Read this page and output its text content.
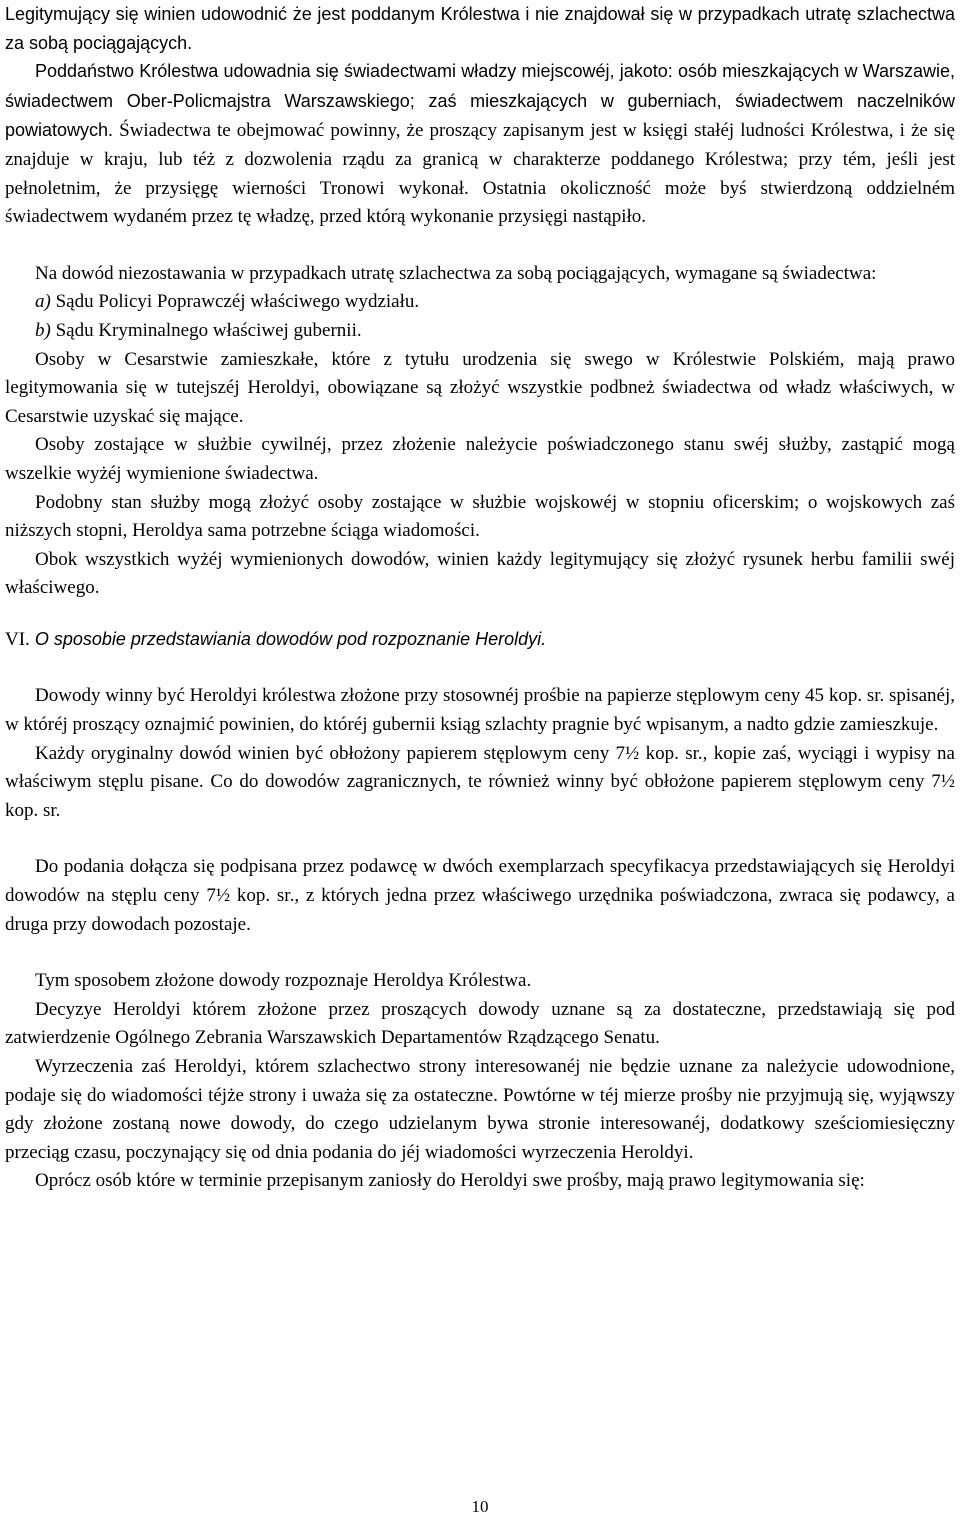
Legitymujący się winien udowodnić że jest poddanym Królestwa i nie znajdował się w przypadkach utratę szlachectwa za sobą pociągających.

Poddaństwo Królestwa udowadnia się świadectwami władzy miejscowéj, jakoto: osób mieszkających w Warszawie, świadectwem Ober-Policmajstra Warszawskiego; zaś mieszkających w guberniach, świadectwem naczelników powiatowych. Świadectwa te obejmować powinny, że proszący zapisanym jest w księgi stałéj ludności Królestwa, i że się znajduje w kraju, lub téż z dozwolenia rządu za granicą w charakterze poddanego Królestwa; przy tém, jeśli jest pełnoletnim, że przysięgę wierności Tronowi wykonał. Ostatnia okoliczność może byś stwierdzoną oddzielném świadectwem wydaném przez tę władzę, przed którą wykonanie przysięgi nastąpiło.

Na dowód niezostawania w przypadkach utratę szlachectwa za sobą pociągających, wymagane są świadectwa:

a) Sądu Policyi Poprawczéj właściwego wydziału.

b) Sądu Kryminalnego właściwej gubernii.

Osoby w Cesarstwie zamieszkałe, które z tytułu urodzenia się swego w Królestwie Polskiém, mają prawo legitymowania się w tutejszéj Heroldyi, obowiązane są złożyć wszystkie podbneż świadectwa od władz właściwych, w Cesarstwie uzyskać się mające.

Osoby zostające w służbie cywilnéj, przez złożenie należycie poświadczonego stanu swéj służby, zastąpić mogą wszelkie wyżéj wymienione świadectwa.

Podobny stan służby mogą złożyć osoby zostające w służbie wojskowéj w stopniu oficerskim; o wojskowych zaś niższych stopni, Heroldya sama potrzebne ściąga wiadomości.

Obok wszystkich wyżéj wymienionych dowodów, winien każdy legitymujący się złożyć rysunek herbu familii swéj właściwego.

VI. O sposobie przedstawiania dowodów pod rozpoznanie Heroldyi.

Dowody winny być Heroldyi królestwa złożone przy stosownéj prośbie na papierze stęplowym ceny 45 kop. sr. spisanéj, w któréj proszący oznajmić powinien, do któréj gubernii ksiąg szlachty pragnie być wpisanym, a nadto gdzie zamieszkuje.

Każdy oryginalny dowód winien być obłożony papierem stęplowym ceny 7½ kop. sr., kopie zaś, wyciągi i wypisy na właściwym stęplu pisane. Co do dowodów zagranicznych, te również winny być obłożone papierem stęplowym ceny 7½ kop. sr.

Do podania dołącza się podpisana przez podawcę w dwóch exemplarzach specyfikacya przedstawiających się Heroldyi dowodów na stęplu ceny 7½ kop. sr., z których jedna przez właściwego urzędnika poświadczona, zwraca się podawcy, a druga przy dowodach pozostaje.

Tym sposobem złożone dowody rozpoznaje Heroldya Królestwa.

Decyzye Heroldyi którem złożone przez proszących dowody uznane są za dostateczne, przedstawiają się pod zatwierdzenie Ogólnego Zebrania Warszawskich Departamentów Rządzącego Senatu.

Wyrzeczenia zaś Heroldyi, którem szlachectwo strony interesowanéj nie będzie uznane za należycie udowodnione, podaje się do wiadomości téjże strony i uważa się za ostateczne. Powtórne w téj mierze prośby nie przyjmują się, wyjąwszy gdy złożone zostaną nowe dowody, do czego udzielanym bywa stronie interesowanéj, dodatkowy sześciomiesięczny przeciąg czasu, poczynający się od dnia podania do jéj wiadomości wyrzeczenia Heroldyi.

Oprócz osób które w terminie przepisanym zaniosły do Heroldyi swe prośby, mają prawo legitymowania się:

10
